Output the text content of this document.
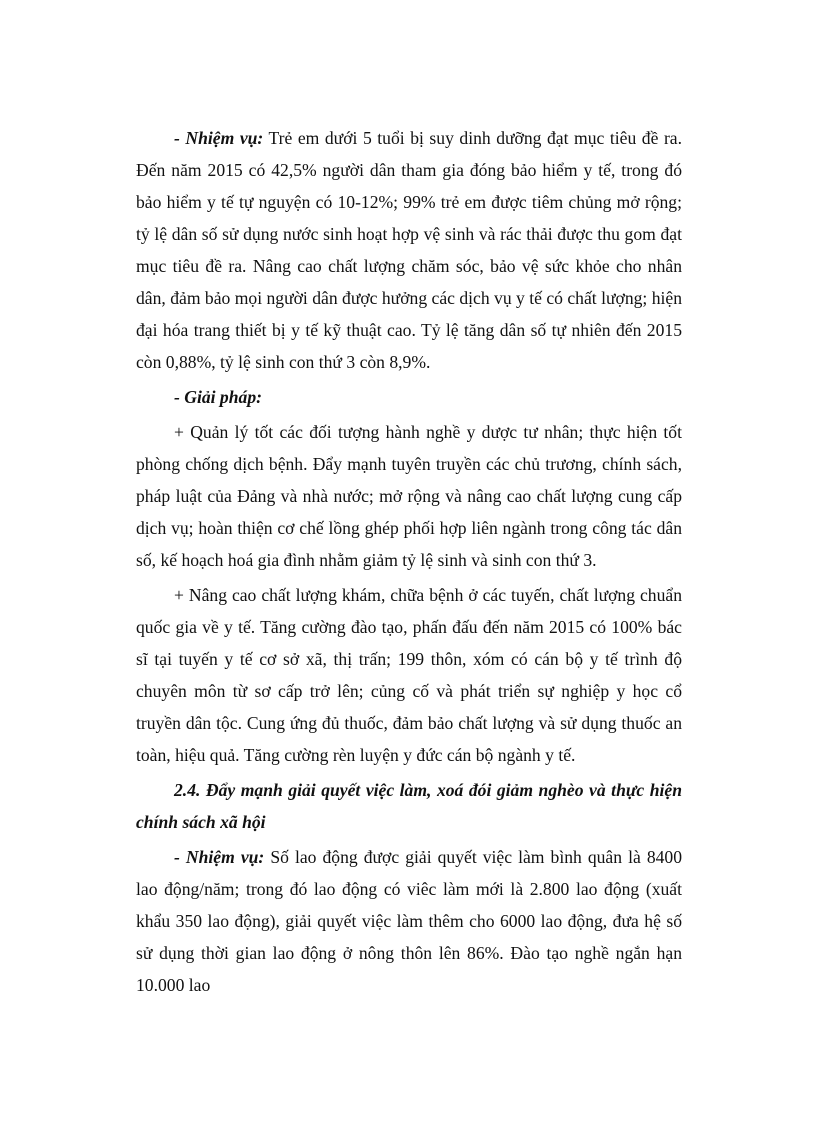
- Nhiệm vụ: Trẻ em dưới 5 tuổi bị suy dinh dưỡng đạt mục tiêu đề ra. Đến năm 2015 có 42,5% người dân tham gia đóng bảo hiểm y tế, trong đó bảo hiểm y tế tự nguyện có 10-12%; 99% trẻ em được tiêm chủng mở rộng; tỷ lệ dân số sử dụng nước sinh hoạt hợp vệ sinh và rác thải được thu gom đạt mục tiêu đề ra. Nâng cao chất lượng chăm sóc, bảo vệ sức khỏe cho nhân dân, đảm bảo mọi người dân được hưởng các dịch vụ y tế có chất lượng; hiện đại hóa trang thiết bị y tế kỹ thuật cao. Tỷ lệ tăng dân số tự nhiên đến 2015 còn 0,88%, tỷ lệ sinh con thứ 3 còn 8,9%.

- Giải pháp:

+ Quản lý tốt các đối tượng hành nghề y dược tư nhân; thực hiện tốt phòng chống dịch bệnh. Đẩy mạnh tuyên truyền các chủ trương, chính sách, pháp luật của Đảng và nhà nước; mở rộng và nâng cao chất lượng cung cấp dịch vụ; hoàn thiện cơ chế lồng ghép phối hợp liên ngành trong công tác dân số, kế hoạch hoá gia đình nhằm giảm tỷ lệ sinh và sinh con thứ 3.

+ Nâng cao chất lượng khám, chữa bệnh ở các tuyến, chất lượng chuẩn quốc gia về y tế. Tăng cường đào tạo, phấn đấu đến năm 2015 có 100% bác sĩ tại tuyến y tế cơ sở xã, thị trấn; 199 thôn, xóm có cán bộ y tế trình độ chuyên môn từ sơ cấp trở lên; củng cố và phát triển sự nghiệp y học cổ truyền dân tộc. Cung ứng đủ thuốc, đảm bảo chất lượng và sử dụng thuốc an toàn, hiệu quả. Tăng cường rèn luyện y đức cán bộ ngành y tế.

2.4. Đẩy mạnh giải quyết việc làm, xoá đói giảm nghèo và thực hiện chính sách xã hội

- Nhiệm vụ: Số lao động được giải quyết việc làm bình quân là 8400 lao động/năm; trong đó lao động có viêc làm mới là 2.800 lao động (xuất khẩu 350 lao động), giải quyết việc làm thêm cho 6000 lao động, đưa hệ số sử dụng thời gian lao động ở nông thôn lên 86%. Đào tạo nghề ngắn hạn 10.000 lao
